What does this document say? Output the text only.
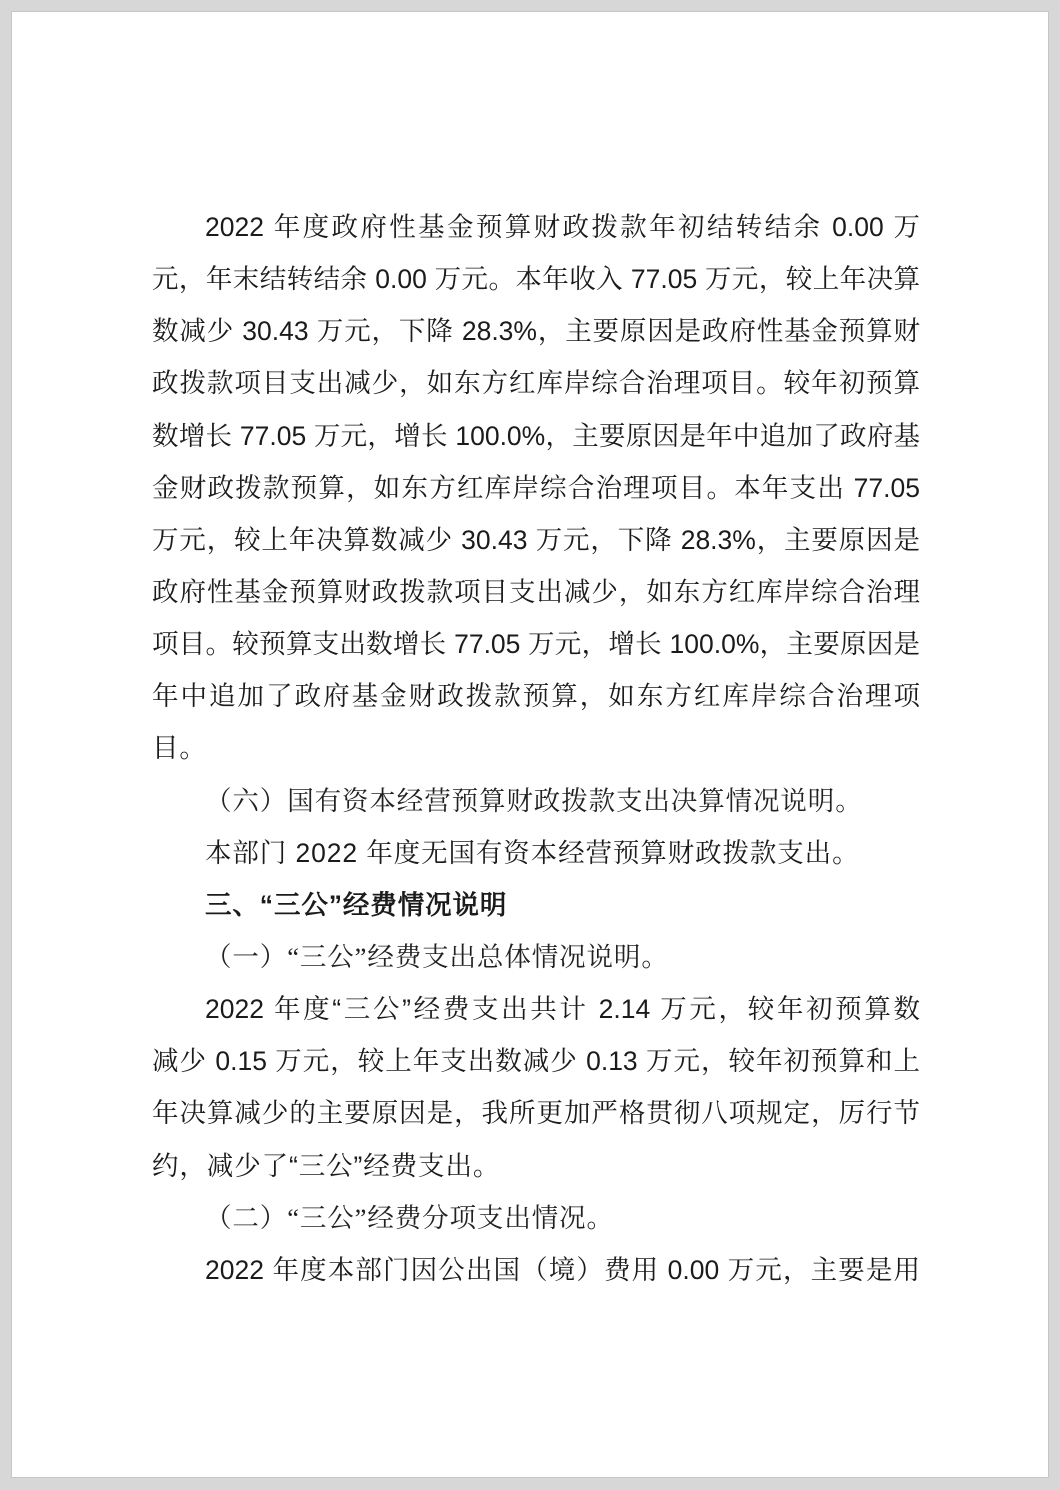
2022 年度政府性基金预算财政拨款年初结转结余 0.00 万
元，年末结转结余 0.00 万元。本年收入 77.05 万元，较上年决算
数减少 30.43 万元，下降 28.3%，主要原因是政府性基金预算财
政拨款项目支出减少，如东方红库岸综合治理项目。较年初预算
数增长 77.05 万元，增长 100.0%，主要原因是年中追加了政府基
金财政拨款预算，如东方红库岸综合治理项目。本年支出 77.05
万元，较上年决算数减少 30.43 万元，下降 28.3%，主要原因是
政府性基金预算财政拨款项目支出减少，如东方红库岸综合治理
项目。较预算支出数增长 77.05 万元，增长 100.0%，主要原因是
年中追加了政府基金财政拨款预算，如东方红库岸综合治理项
目。
（六）国有资本经营预算财政拨款支出决算情况说明。
本部门 2022 年度无国有资本经营预算财政拨款支出。
三、“三公”经费情况说明
（一）“三公”经费支出总体情况说明。
2022 年度“三公”经费支出共计 2.14 万元，较年初预算数
减少 0.15 万元，较上年支出数减少 0.13 万元，较年初预算和上
年决算减少的主要原因是，我所更加严格贯彻八项规定，厉行节
约，减少了“三公”经费支出。
（二）“三公”经费分项支出情况。
2022 年度本部门因公出国（境）费用 0.00 万元，主要是用
